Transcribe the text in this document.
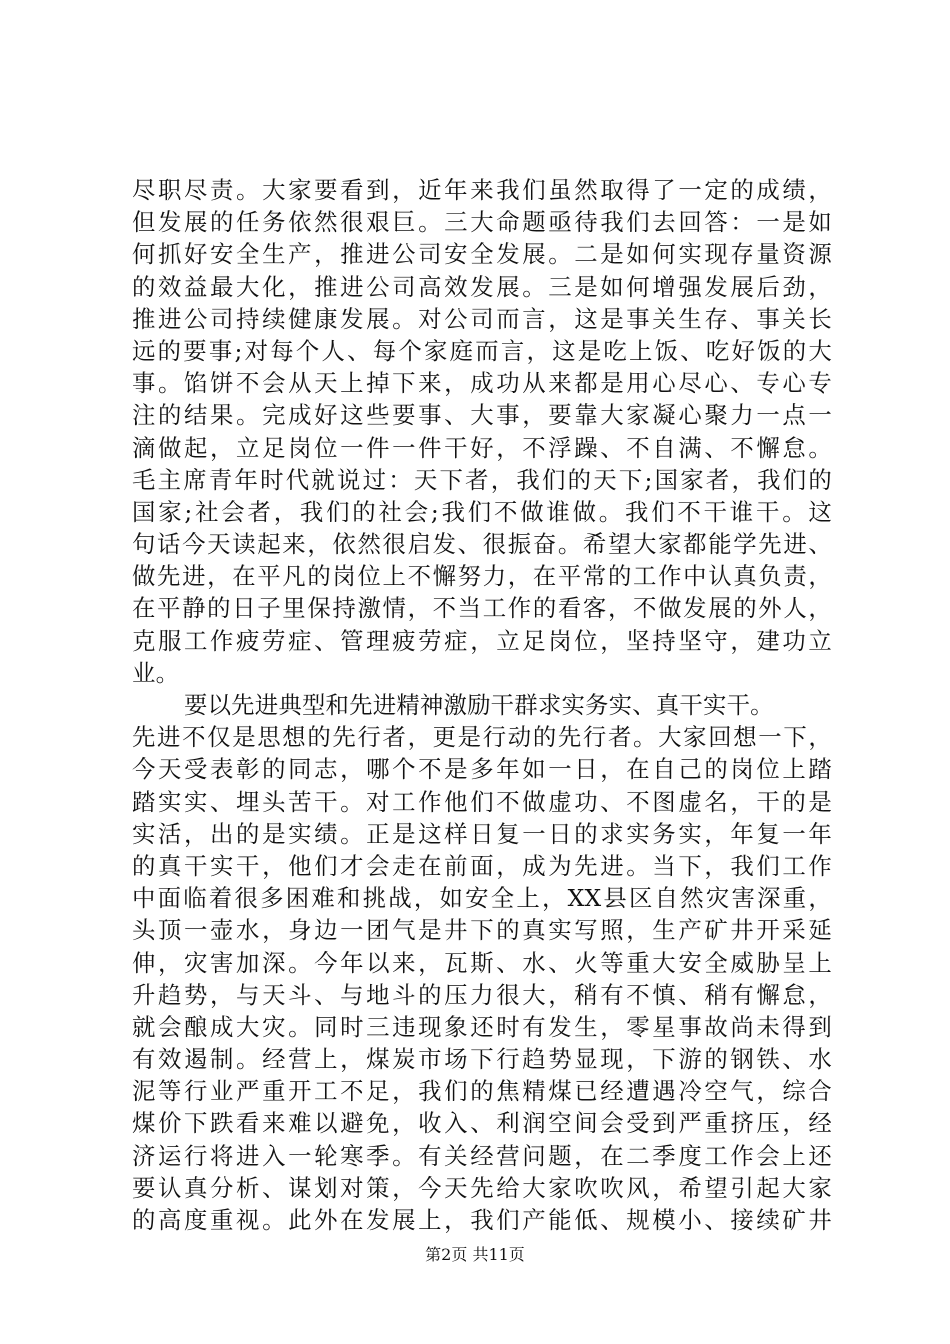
尽职尽责。大家要看到，近年来我们虽然取得了一定的成绩，
但发展的任务依然很艰巨。三大命题亟待我们去回答：一是如
何抓好安全生产，推进公司安全发展。二是如何实现存量资源
的效益最大化，推进公司高效发展。三是如何增强发展后劲，
推进公司持续健康发展。对公司而言，这是事关生存、事关长
远的要事;对每个人、每个家庭而言，这是吃上饭、吃好饭的大
事。馅饼不会从天上掉下来，成功从来都是用心尽心、专心专
注的结果。完成好这些要事、大事，要靠大家凝心聚力一点一
滴做起，立足岗位一件一件干好，不浮躁、不自满、不懈怠。
毛主席青年时代就说过：天下者，我们的天下;国家者，我们的
国家;社会者，我们的社会;我们不做谁做。我们不干谁干。这
句话今天读起来，依然很启发、很振奋。希望大家都能学先进、
做先进，在平凡的岗位上不懈努力，在平常的工作中认真负责，
在平静的日子里保持激情，不当工作的看客，不做发展的外人，
克服工作疲劳症、管理疲劳症，立足岗位，坚持坚守，建功立
业。
要以先进典型和先进精神激励干群求实务实、真干实干。
先进不仅是思想的先行者，更是行动的先行者。大家回想一下，
今天受表彰的同志，哪个不是多年如一日，在自己的岗位上踏
踏实实、埋头苦干。对工作他们不做虚功、不图虚名，干的是
实活，出的是实绩。正是这样日复一日的求实务实，年复一年
的真干实干，他们才会走在前面，成为先进。当下，我们工作
中面临着很多困难和挑战，如安全上，XX县区自然灾害深重，
头顶一壶水，身边一团气是井下的真实写照，生产矿井开采延
伸，灾害加深。今年以来，瓦斯、水、火等重大安全威胁呈上
升趋势，与天斗、与地斗的压力很大，稍有不慎、稍有懈怠，
就会酿成大灾。同时三违现象还时有发生，零星事故尚未得到
有效遏制。经营上，煤炭市场下行趋势显现，下游的钢铁、水
泥等行业严重开工不足，我们的焦精煤已经遭遇冷空气，综合
煤价下跌看来难以避免，收入、利润空间会受到严重挤压，经
济运行将进入一轮寒季。有关经营问题，在二季度工作会上还
要认真分析、谋划对策，今天先给大家吹吹风，希望引起大家
的高度重视。此外在发展上，我们产能低、规模小、接续矿井
第2页 共11页
